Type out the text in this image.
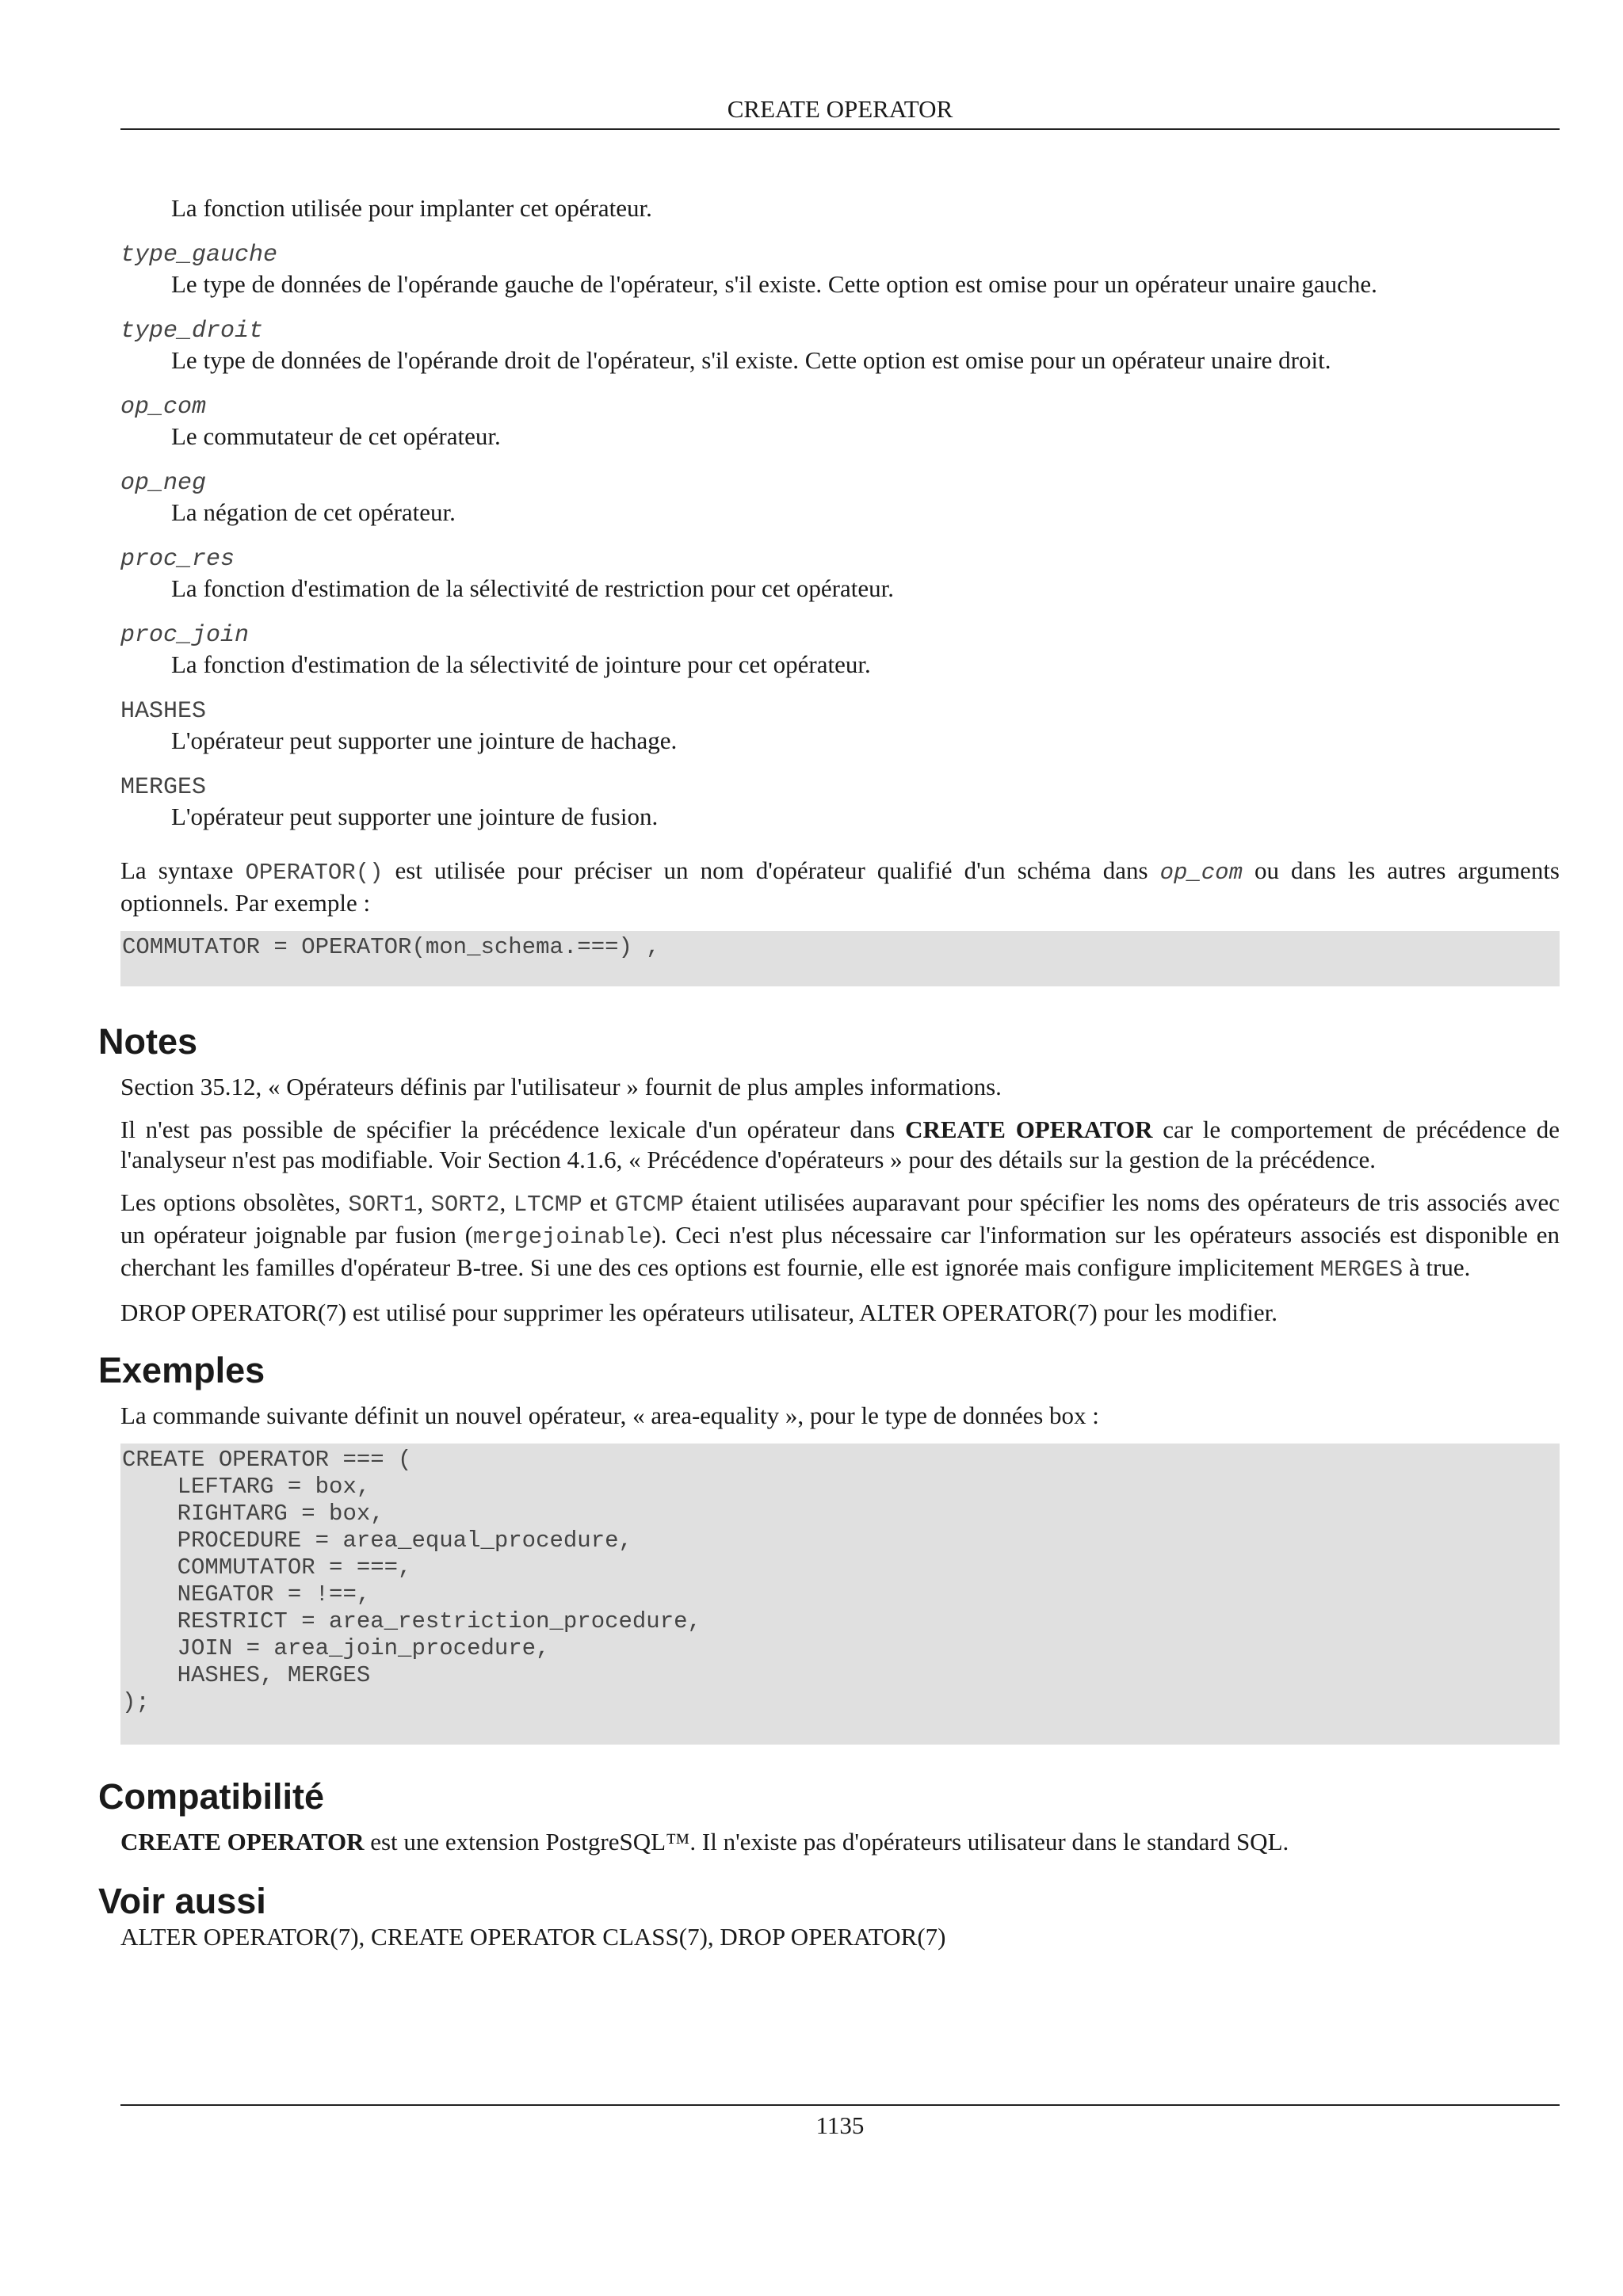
CREATE OPERATOR
La fonction utilisée pour implanter cet opérateur.
type_gauche
Le type de données de l'opérande gauche de l'opérateur, s'il existe. Cette option est omise pour un opérateur unaire gauche.
type_droit
Le type de données de l'opérande droit de l'opérateur, s'il existe. Cette option est omise pour un opérateur unaire droit.
op_com
Le commutateur de cet opérateur.
op_neg
La négation de cet opérateur.
proc_res
La fonction d'estimation de la sélectivité de restriction pour cet opérateur.
proc_join
La fonction d'estimation de la sélectivité de jointure pour cet opérateur.
HASHES
L'opérateur peut supporter une jointure de hachage.
MERGES
L'opérateur peut supporter une jointure de fusion.

La syntaxe OPERATOR() est utilisée pour préciser un nom d'opérateur qualifié d'un schéma dans op_com ou dans les autres arguments optionnels. Par exemple :

COMMUTATOR = OPERATOR(mon_schema.===) ,
Notes

Section 35.12, « Opérateurs définis par l'utilisateur » fournit de plus amples informations.

Il n'est pas possible de spécifier la précédence lexicale d'un opérateur dans CREATE OPERATOR car le comportement de précédence de l'analyseur n'est pas modifiable. Voir Section 4.1.6, « Précédence d'opérateurs » pour des détails sur la gestion de la précédence.

Les options obsolètes, SORT1, SORT2, LTCMP et GTCMP étaient utilisées auparavant pour spécifier les noms des opérateurs de tris associés avec un opérateur joignable par fusion (mergejoinable). Ceci n'est plus nécessaire car l'information sur les opérateurs associés est disponible en cherchant les familles d'opérateur B-tree. Si une des ces options est fournie, elle est ignorée mais configure implicitement MERGES à true.

DROP OPERATOR(7) est utilisé pour supprimer les opérateurs utilisateur, ALTER OPERATOR(7) pour les modifier.

Exemples

La commande suivante définit un nouvel opérateur, « area-equality », pour le type de données box :

CREATE OPERATOR === (
LEFTARG = box,
RIGHTARG = box,
PROCEDURE = area_equal_procedure,
COMMUTATOR = ===,
NEGATOR = !==,
RESTRICT = area_restriction_procedure,
JOIN = area_join_procedure,
HASHES, MERGES
);
Compatibilité

CREATE OPERATOR est une extension PostgreSQL™. Il n'existe pas d'opérateurs utilisateur dans le standard SQL.

Voir aussi

ALTER OPERATOR(7), CREATE OPERATOR CLASS(7), DROP OPERATOR(7)

1135
